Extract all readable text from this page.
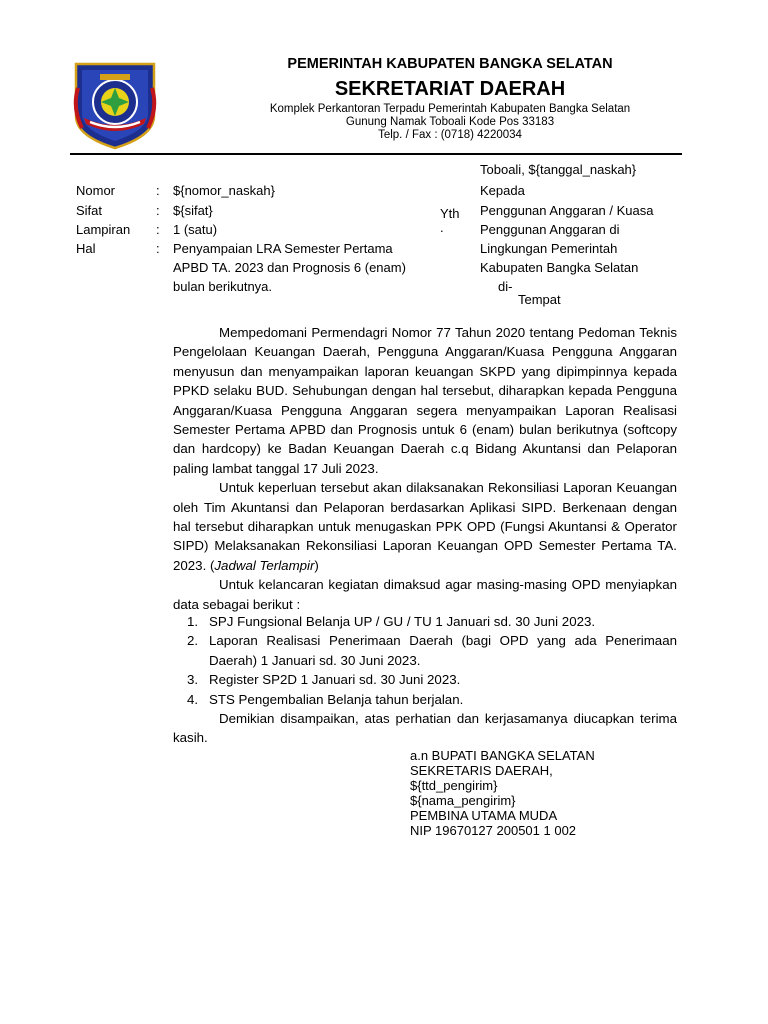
PEMERINTAH KABUPATEN BANGKA SELATAN
SEKRETARIAT DAERAH
Komplek Perkantoran Terpadu Pemerintah Kabupaten Bangka Selatan
Gunung Namak Toboali Kode Pos 33183
Telp. / Fax : (0718) 4220034
Toboali, ${tanggal_naskah}
Nomor	: ${nomor_naskah}
Sifat	: ${sifat}
Lampiran : 1 (satu)
Hal	: Penyampaian LRA Semester Pertama
APBD TA. 2023 dan Prognosis 6 (enam)
bulan berikutnya.
Kepada
Yth
.
Penggunan Anggaran / Kuasa
Penggunan Anggaran di
Lingkungan Pemerintah
Kabupaten Bangka Selatan
di-
Tempat

Mempedomani Permendagri Nomor 77 Tahun 2020 tentang Pedoman Teknis Pengelolaan Keuangan Daerah, Pengguna Anggaran/Kuasa Pengguna Anggaran menyusun dan menyampaikan laporan keuangan SKPD yang dipimpinnya kepada PPKD selaku BUD. Sehubungan dengan hal tersebut, diharapkan kepada Pengguna Anggaran/Kuasa Pengguna Anggaran segera menyampaikan Laporan Realisasi Semester Pertama APBD dan Prognosis untuk 6 (enam) bulan berikutnya (softcopy dan hardcopy) ke Badan Keuangan Daerah c.q Bidang Akuntansi dan Pelaporan paling lambat tanggal 17 Juli 2023.

Untuk keperluan tersebut akan dilaksanakan Rekonsiliasi Laporan Keuangan oleh Tim Akuntansi dan Pelaporan berdasarkan Aplikasi SIPD. Berkenaan dengan hal tersebut diharapkan untuk menugaskan PPK OPD (Fungsi Akuntansi & Operator SIPD) Melaksanakan Rekonsiliasi Laporan Keuangan OPD Semester Pertama TA. 2023. (Jadwal Terlampir)

Untuk kelancaran kegiatan dimaksud agar masing-masing OPD menyiapkan data sebagai berikut :

1. SPJ Fungsional Belanja UP / GU / TU 1 Januari sd. 30 Juni 2023.
2. Laporan Realisasi Penerimaan Daerah (bagi OPD yang ada Penerimaan Daerah) 1 Januari sd. 30 Juni 2023.
3. Register SP2D 1 Januari sd. 30 Juni 2023.
4. STS Pengembalian Belanja tahun berjalan.

Demikian disampaikan, atas perhatian dan kerjasamanya diucapkan terima kasih.

a.n BUPATI BANGKA SELATAN
SEKRETARIS DAERAH,
${ttd_pengirim}
${nama_pengirim}
PEMBINA UTAMA MUDA
NIP 19670127 200501 1 002
